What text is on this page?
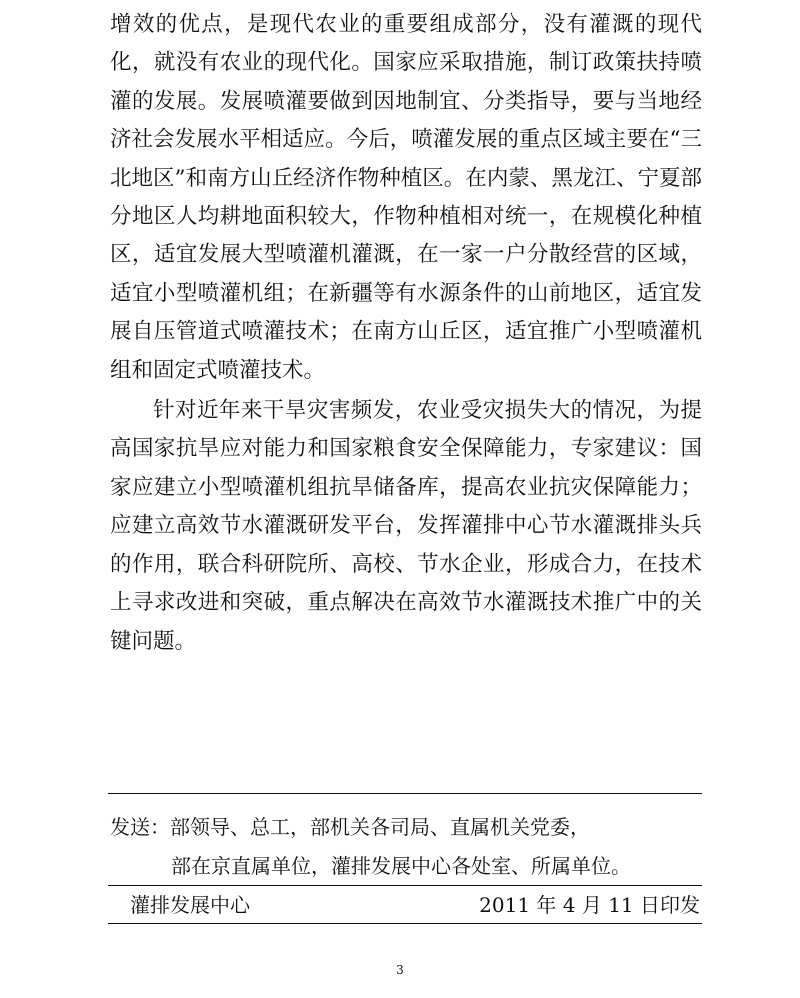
增效的优点，是现代农业的重要组成部分，没有灌溉的现代化，就没有农业的现代化。国家应采取措施，制订政策扶持喷灌的发展。发展喷灌要做到因地制宜、分类指导，要与当地经济社会发展水平相适应。今后，喷灌发展的重点区域主要在“三北地区”和南方山丘经济作物种植区。在内蒙、黑龙江、宁夏部分地区人均耕地面积较大，作物种植相对统一，在规模化种植区，适宜发展大型喷灌机灌溉，在一家一户分散经营的区域，适宜小型喷灌机组；在新疆等有水源条件的山前地区，适宜发展自压管道式喷灌技术；在南方山丘区，适宜推广小型喷灌机组和固定式喷灌技术。

针对近年来干旱灾害频发，农业受灾损失大的情况，为提高国家抗旱应对能力和国家粮食安全保障能力，专家建议：国家应建立小型喷灌机组抗旱储备库，提高农业抗灾保障能力；应建立高效节水灌溉研发平台，发挥灌排中心节水灌溉排头兵的作用，联合科研院所、高校、节水企业，形成合力，在技术上寻求改进和突破，重点解决在高效节水灌溉技术推广中的关键问题。

发送：部领导、总工，部机关各司局、直属机关党委，
部在京直属单位，灌排发展中心各处室、所属单位。
灌排发展中心	2011 年 4 月 11 日印发
3
